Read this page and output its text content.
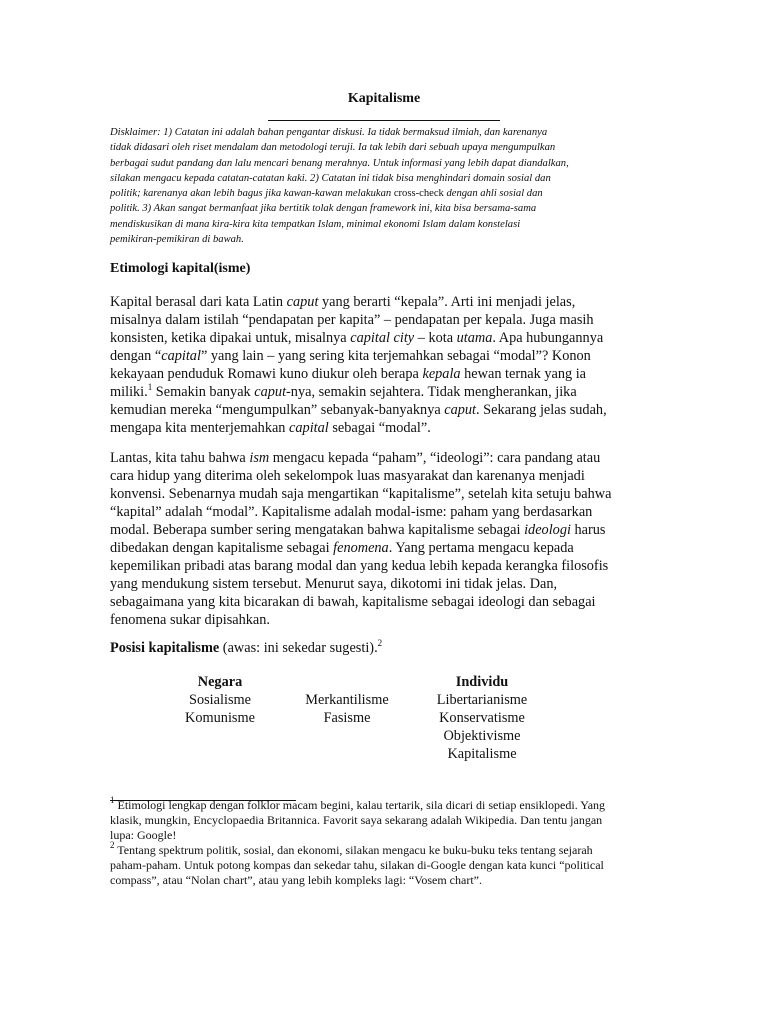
Kapitalisme
Disklaimer: 1) Catatan ini adalah bahan pengantar diskusi. Ia tidak bermaksud ilmiah, dan karenanya
tidak didasari oleh riset mendalam dan metodologi teruji. Ia tak lebih dari sebuah upaya mengumpulkan
berbagai sudut pandang dan lalu mencari benang merahnya. Untuk informasi yang lebih dapat diandalkan,
silakan mengacu kepada catatan-catatan kaki. 2) Catatan ini tidak bisa menghindari domain sosial dan
politik; karenanya akan lebih bagus jika kawan-kawan melakukan cross-check dengan ahli sosial dan
politik. 3) Akan sangat bermanfaat jika bertitik tolak dengan framework ini, kita bisa bersama-sama
mendiskusikan di mana kira-kira kita tempatkan Islam, minimal ekonomi Islam dalam konstelasi
pemikiran-pemikiran di bawah.
Etimologi kapital(isme)
Kapital berasal dari kata Latin caput yang berarti “kepala”. Arti ini menjadi jelas,
misalnya dalam istilah “pendapatan per kapita” – pendapatan per kepala. Juga masih
konsisten, ketika dipakai untuk, misalnya capital city – kota utama. Apa hubungannya
dengan “capital” yang lain – yang sering kita terjemahkan sebagai “modal”? Konon
kekayaan penduduk Romawi kuno diukur oleh berapa kepala hewan ternak yang ia
miliki.$^1$ Semakin banyak caput-nya, semakin sejahtera. Tidak mengherankan, jika
kemudian mereka “mengumpulkan” sebanyak-banyaknya caput. Sekarang jelas sudah,
mengapa kita menterjemahkan capital sebagai “modal”.
Lantas, kita tahu bahwa ism mengacu kepada “paham”, “ideologi”: cara pandang atau
cara hidup yang diterima oleh sekelompok luas masyarakat dan karenanya menjadi
konvensi. Sebenarnya mudah saja mengartikan “kapitalisme”, setelah kita setuju bahwa
“kapital” adalah “modal”. Kapitalisme adalah modal-isme: paham yang berdasarkan
modal. Beberapa sumber sering mengatakan bahwa kapitalisme sebagai ideologi harus
dibedakan dengan kapitalisme sebagai fenomena. Yang pertama mengacu kepada
kepemilikan pribadi atas barang modal dan yang kedua lebih kepada kerangka filosofis
yang mendukung sistem tersebut. Menurut saya, dikotomi ini tidak jelas. Dan,
sebagaimana yang kita bicarakan di bawah, kapitalisme sebagai ideologi dan sebagai
fenomena sukar dipisahkan.
Posisi kapitalisme (awas: ini sekedar sugesti).$^2$
Negara
Sosialisme
Komunisme
Merkantilisme
Fasisme
Individu
Libertarianisme
Konservatisme
Objektivisme
Kapitalisme
$^1$ Etimologi lengkap dengan folklor macam begini, kalau tertarik, sila dicari di setiap ensiklopedi. Yang
klasik, mungkin, Encyclopaedia Britannica. Favorit saya sekarang adalah Wikipedia. Dan tentu jangan
lupa: Google!
$^2$ Tentang spektrum politik, sosial, dan ekonomi, silakan mengacu ke buku-buku teks tentang sejarah
paham-paham. Untuk potong kompas dan sekedar tahu, silakan di-Google dengan kata kunci “political
compass”, atau “Nolan chart”, atau yang lebih kompleks lagi: “Vosem chart”.
